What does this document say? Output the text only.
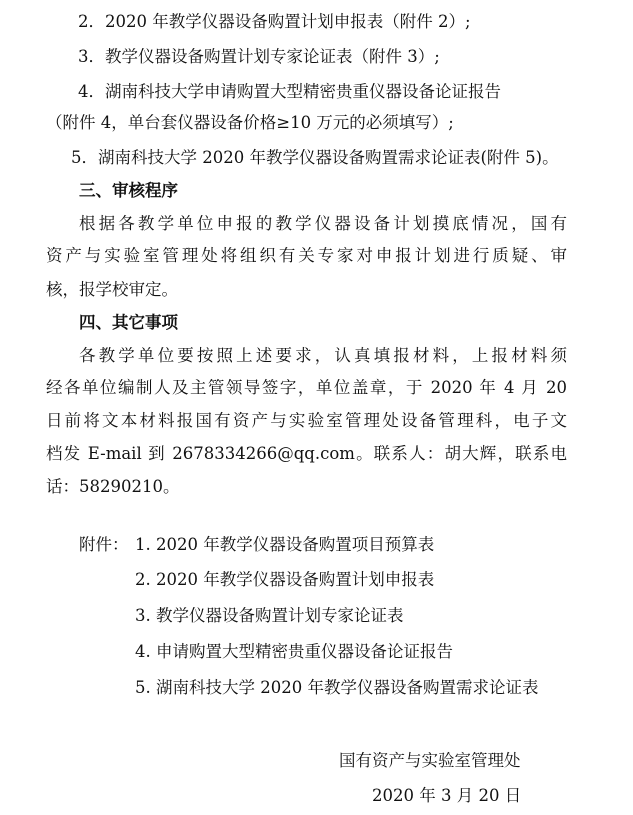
2．2020 年教学仪器设备购置计划申报表（附件 2）;
3．教学仪器设备购置计划专家论证表（附件 3）;
4．湖南科技大学申请购置大型精密贵重仪器设备论证报告
（附件 4，单台套仪器设备价格≥10 万元的必须填写）;
5．湖南科技大学 2020 年教学仪器设备购置需求论证表(附件 5)。
三、审核程序
根据各教学单位申报的教学仪器设备计划摸底情况，国有
资产与实验室管理处将组织有关专家对申报计划进行质疑、审
核，报学校审定。
四、其它事项
各教学单位要按照上述要求，认真填报材料，上报材料须
经各单位编制人及主管领导签字，单位盖章，于 2020 年 4 月 20
日前将文本材料报国有资产与实验室管理处设备管理科，电子文
档发 E-mail 到 2678334266@qq.com。联系人：胡大辉，联系电
话：58290210。
附件： 1. 2020 年教学仪器设备购置项目预算表
2. 2020 年教学仪器设备购置计划申报表
3. 教学仪器设备购置计划专家论证表
4. 申请购置大型精密贵重仪器设备论证报告
5. 湖南科技大学 2020 年教学仪器设备购置需求论证表
国有资产与实验室管理处
2020 年 3 月 20 日
